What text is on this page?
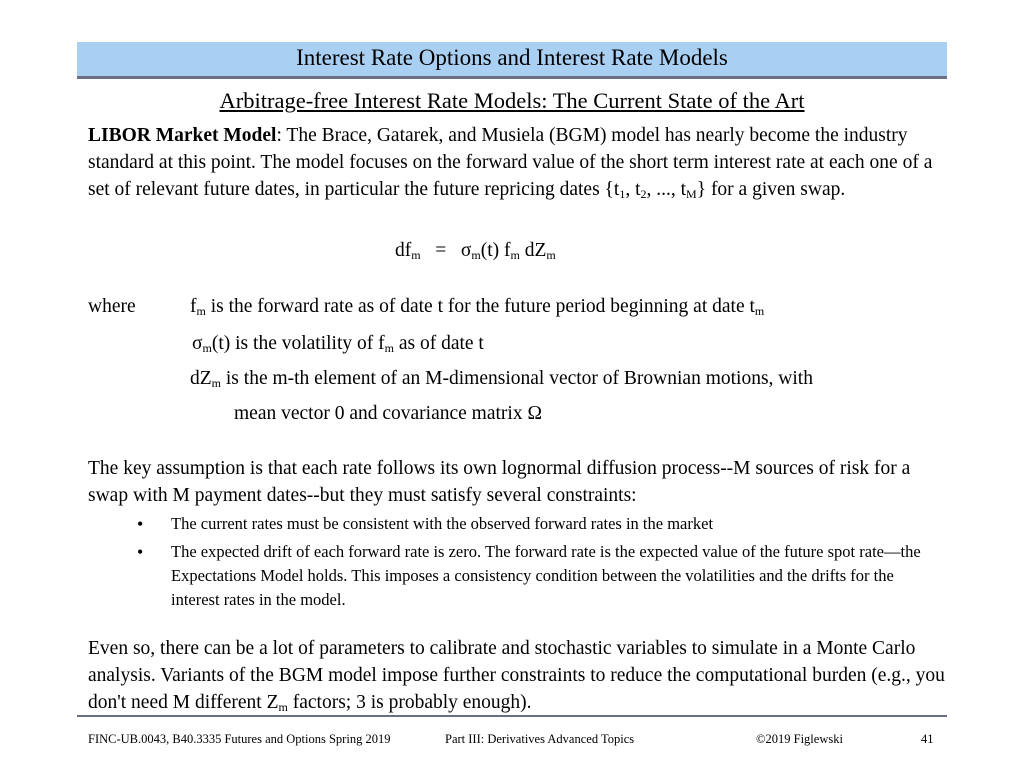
Interest Rate Options and Interest Rate Models
Arbitrage-free Interest Rate Models: The Current State of the Art
LIBOR Market Model: The Brace, Gatarek, and Musiela (BGM) model has nearly become the industry standard at this point. The model focuses on the forward value of the short term interest rate at each one of a set of relevant future dates, in particular the future repricing dates {$t_1$, $t_2$, ..., $t_M$} for a given swap.
$df_m = \sigma_m(t)$ $f_m$ $dZ_m$
where	$f_m$ is the forward rate as of date t for the future period beginning at date $t_m$
$\sigma_m(t)$ is the volatility of $f_m$ as of date t
$dZ_m$ is the m-th element of an M-dimensional vector of Brownian motions, with
mean vector 0 and covariance matrix Ω
The key assumption is that each rate follows its own lognormal diffusion process--M sources of risk for a swap with M payment dates--but they must satisfy several constraints:
• The current rates must be consistent with the observed forward rates in the market
• The expected drift of each forward rate is zero. The forward rate is the expected value of the future spot rate—the Expectations Model holds. This imposes a consistency condition between the volatilities and the drifts for the interest rates in the model.
Even so, there can be a lot of parameters to calibrate and stochastic variables to simulate in a Monte Carlo analysis. Variants of the BGM model impose further constraints to reduce the computational burden (e.g., you don't need M different $Z_m$ factors; 3 is probably enough).
FINC-UB.0043, B40.3335 Futures and Options Spring 2019	Part III: Derivatives Advanced Topics	©2019 Figlewski	41
